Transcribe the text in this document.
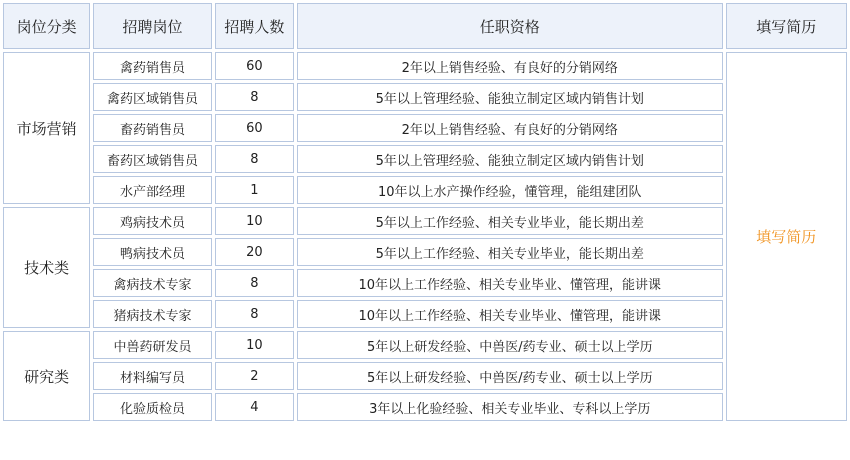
岗位分类	招聘岗位	招聘人数	任职资格	填写简历
市场营销	禽药销售员	60	2年以上销售经验、有良好的分销网络	填写简历
	禽药区域销售员	8	5年以上管理经验、能独立制定区域内销售计划	
	畜药销售员	60	2年以上销售经验、有良好的分销网络	
	畜药区域销售员	8	5年以上管理经验、能独立制定区域内销售计划	
	水产部经理	1	10年以上水产操作经验，懂管理，能组建团队	
技术类	鸡病技术员	10	5年以上工作经验、相关专业毕业，能长期出差	
	鸭病技术员	20	5年以上工作经验、相关专业毕业，能长期出差	
	禽病技术专家	8	10年以上工作经验、相关专业毕业、懂管理，能讲课	
	猪病技术专家	8	10年以上工作经验、相关专业毕业、懂管理，能讲课	
研究类	中兽药研发员	10	5年以上研发经验、中兽医/药专业、硕士以上学历	
	材料编写员	2	5年以上研发经验、中兽医/药专业、硕士以上学历	
	化验质检员	4	3年以上化验经验、相关专业毕业、专科以上学历	
